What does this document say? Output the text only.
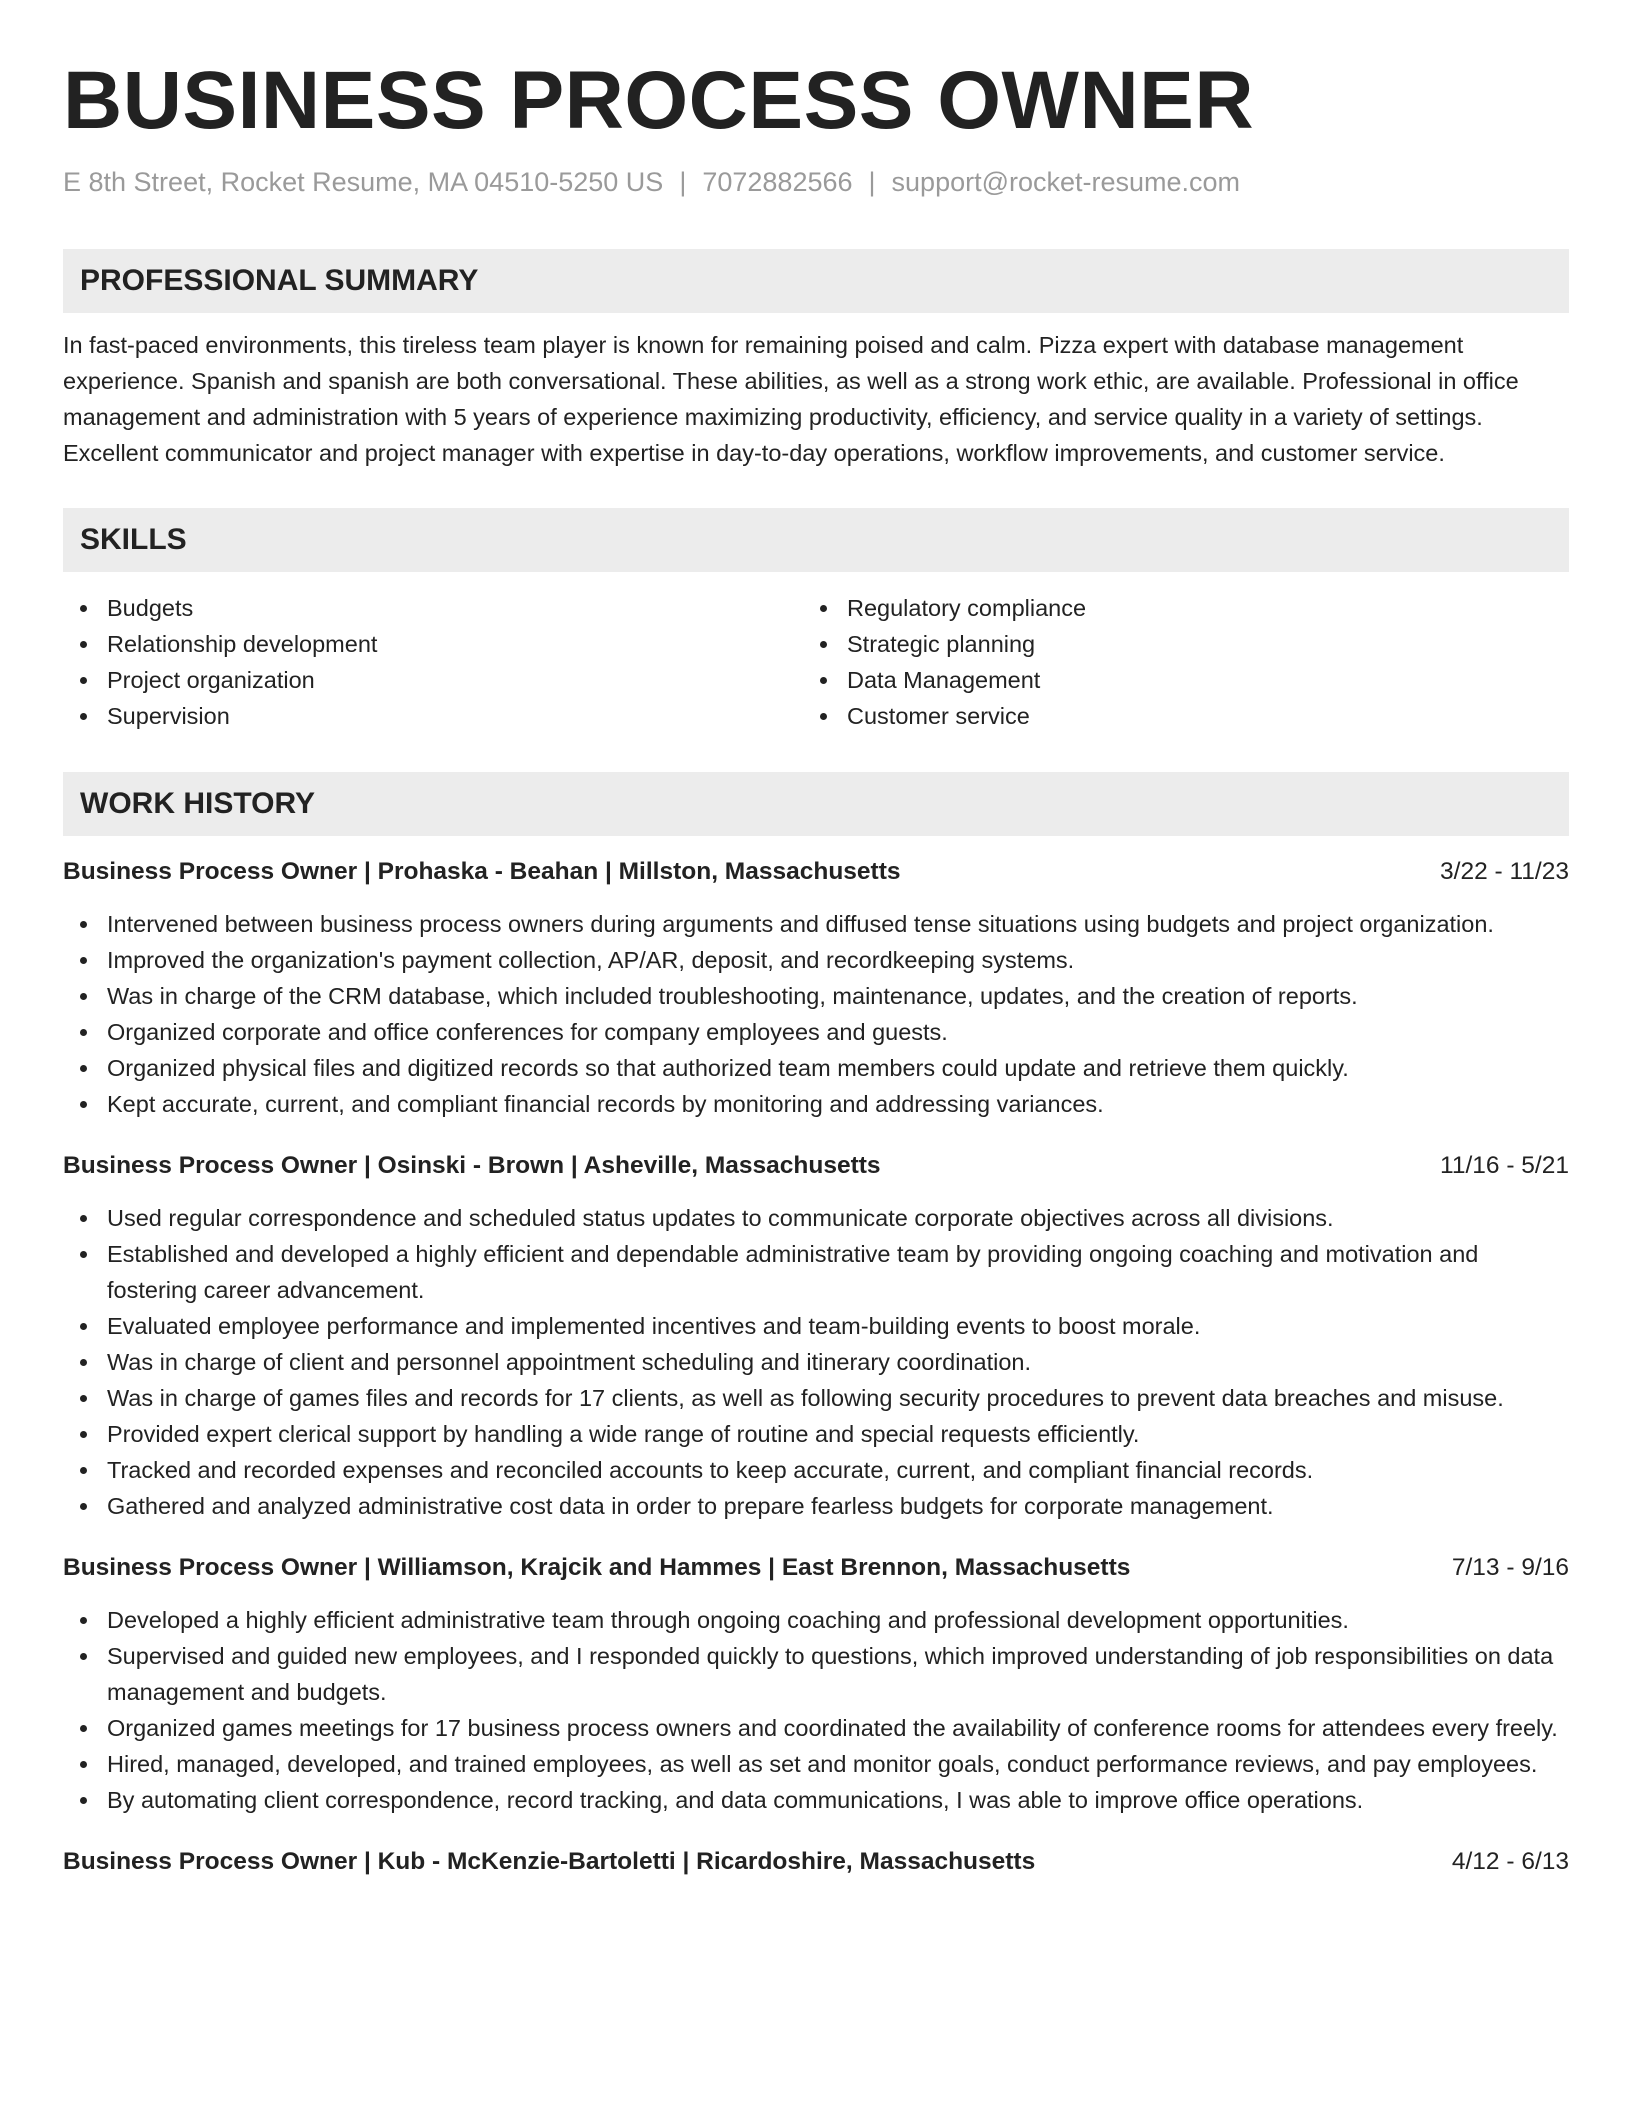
BUSINESS PROCESS OWNER
E 8th Street, Rocket Resume, MA 04510-5250 US | 7072882566 | support@rocket-resume.com
PROFESSIONAL SUMMARY
In fast-paced environments, this tireless team player is known for remaining poised and calm. Pizza expert with database management experience. Spanish and spanish are both conversational. These abilities, as well as a strong work ethic, are available. Professional in office management and administration with 5 years of experience maximizing productivity, efficiency, and service quality in a variety of settings. Excellent communicator and project manager with expertise in day-to-day operations, workflow improvements, and customer service.
SKILLS
Budgets
Relationship development
Project organization
Supervision
Regulatory compliance
Strategic planning
Data Management
Customer service
WORK HISTORY
Business Process Owner | Prohaska - Beahan | Millston, Massachusetts	3/22 - 11/23
Intervened between business process owners during arguments and diffused tense situations using budgets and project organization.
Improved the organization's payment collection, AP/AR, deposit, and recordkeeping systems.
Was in charge of the CRM database, which included troubleshooting, maintenance, updates, and the creation of reports.
Organized corporate and office conferences for company employees and guests.
Organized physical files and digitized records so that authorized team members could update and retrieve them quickly.
Kept accurate, current, and compliant financial records by monitoring and addressing variances.
Business Process Owner | Osinski - Brown | Asheville, Massachusetts	11/16 - 5/21
Used regular correspondence and scheduled status updates to communicate corporate objectives across all divisions.
Established and developed a highly efficient and dependable administrative team by providing ongoing coaching and motivation and fostering career advancement.
Evaluated employee performance and implemented incentives and team-building events to boost morale.
Was in charge of client and personnel appointment scheduling and itinerary coordination.
Was in charge of games files and records for 17 clients, as well as following security procedures to prevent data breaches and misuse.
Provided expert clerical support by handling a wide range of routine and special requests efficiently.
Tracked and recorded expenses and reconciled accounts to keep accurate, current, and compliant financial records.
Gathered and analyzed administrative cost data in order to prepare fearless budgets for corporate management.
Business Process Owner | Williamson, Krajcik and Hammes | East Brennon, Massachusetts	7/13 - 9/16
Developed a highly efficient administrative team through ongoing coaching and professional development opportunities.
Supervised and guided new employees, and I responded quickly to questions, which improved understanding of job responsibilities on data management and budgets.
Organized games meetings for 17 business process owners and coordinated the availability of conference rooms for attendees every freely.
Hired, managed, developed, and trained employees, as well as set and monitor goals, conduct performance reviews, and pay employees.
By automating client correspondence, record tracking, and data communications, I was able to improve office operations.
Business Process Owner | Kub - McKenzie-Bartoletti | Ricardoshire, Massachusetts	4/12 - 6/13
